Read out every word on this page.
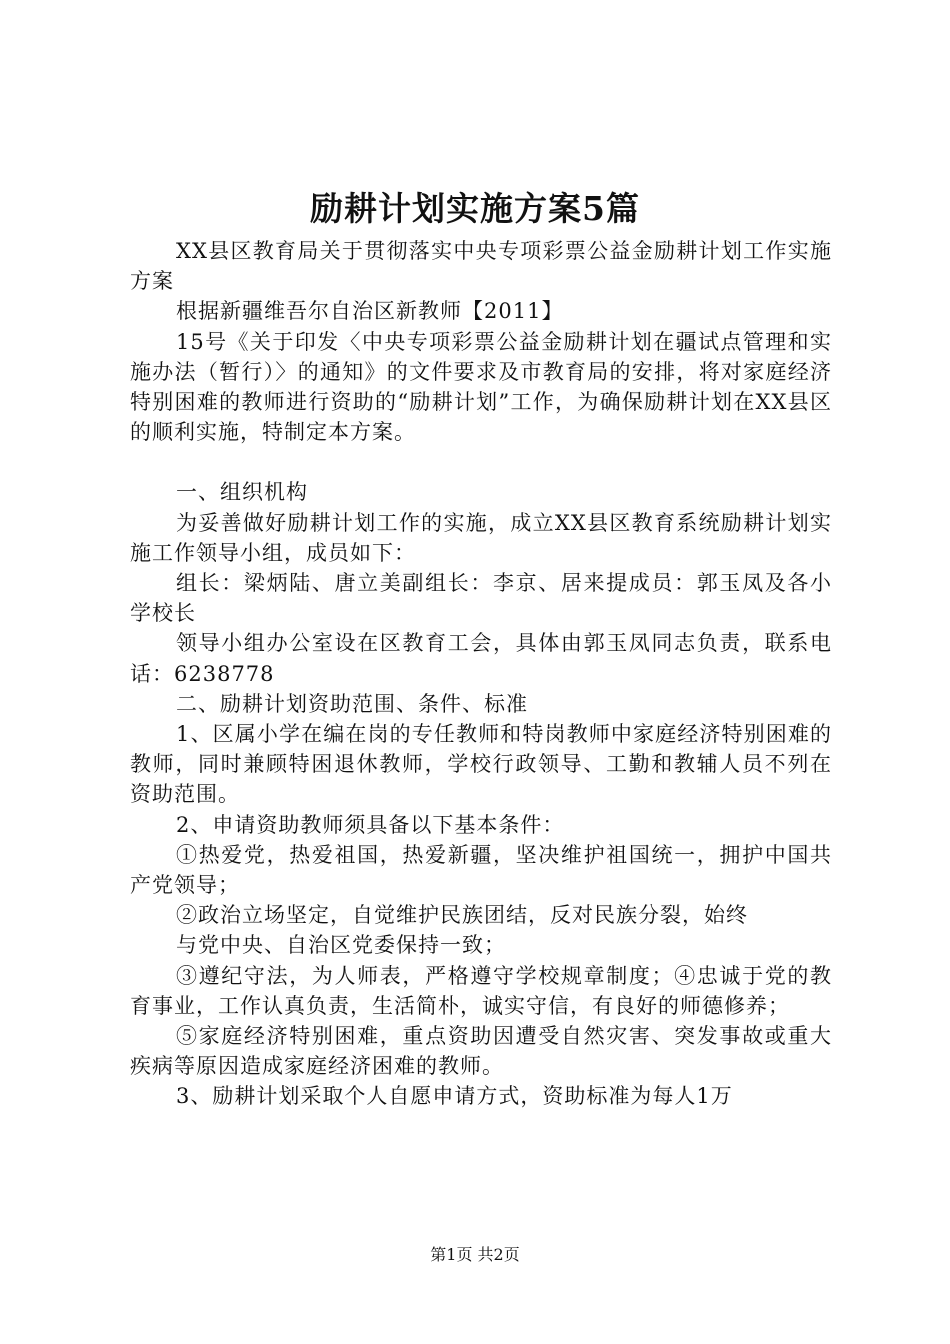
励耕计划实施方案5篇

XX县区教育局关于贯彻落实中央专项彩票公益金励耕计划工作实施方案

根据新疆维吾尔自治区新教师【2011】

15号《关于印发〈中央专项彩票公益金励耕计划在疆试点管理和实施办法（暂行）〉的通知》的文件要求及市教育局的安排，将对家庭经济特别困难的教师进行资助的“励耕计划”工作，为确保励耕计划在XX县区的顺利实施，特制定本方案。

一、组织机构

为妥善做好励耕计划工作的实施，成立XX县区教育系统励耕计划实施工作领导小组，成员如下：

组长：梁炳陆、唐立美副组长：李京、居来提成员：郭玉凤及各小学校长

领导小组办公室设在区教育工会，具体由郭玉凤同志负责，联系电话：6238778

二、励耕计划资助范围、条件、标准

1、区属小学在编在岗的专任教师和特岗教师中家庭经济特别困难的教师，同时兼顾特困退休教师，学校行政领导、工勤和教辅人员不列在资助范围。

2、申请资助教师须具备以下基本条件：

①热爱党，热爱祖国，热爱新疆，坚决维护祖国统一，拥护中国共产党领导；

②政治立场坚定，自觉维护民族团结，反对民族分裂，始终

与党中央、自治区党委保持一致；

③遵纪守法，为人师表，严格遵守学校规章制度；④忠诚于党的教育事业，工作认真负责，生活简朴，诚实守信，有良好的师德修养；

⑤家庭经济特别困难，重点资助因遭受自然灾害、突发事故或重大疾病等原因造成家庭经济困难的教师。

3、励耕计划采取个人自愿申请方式，资助标准为每人1万

第1页 共2页
